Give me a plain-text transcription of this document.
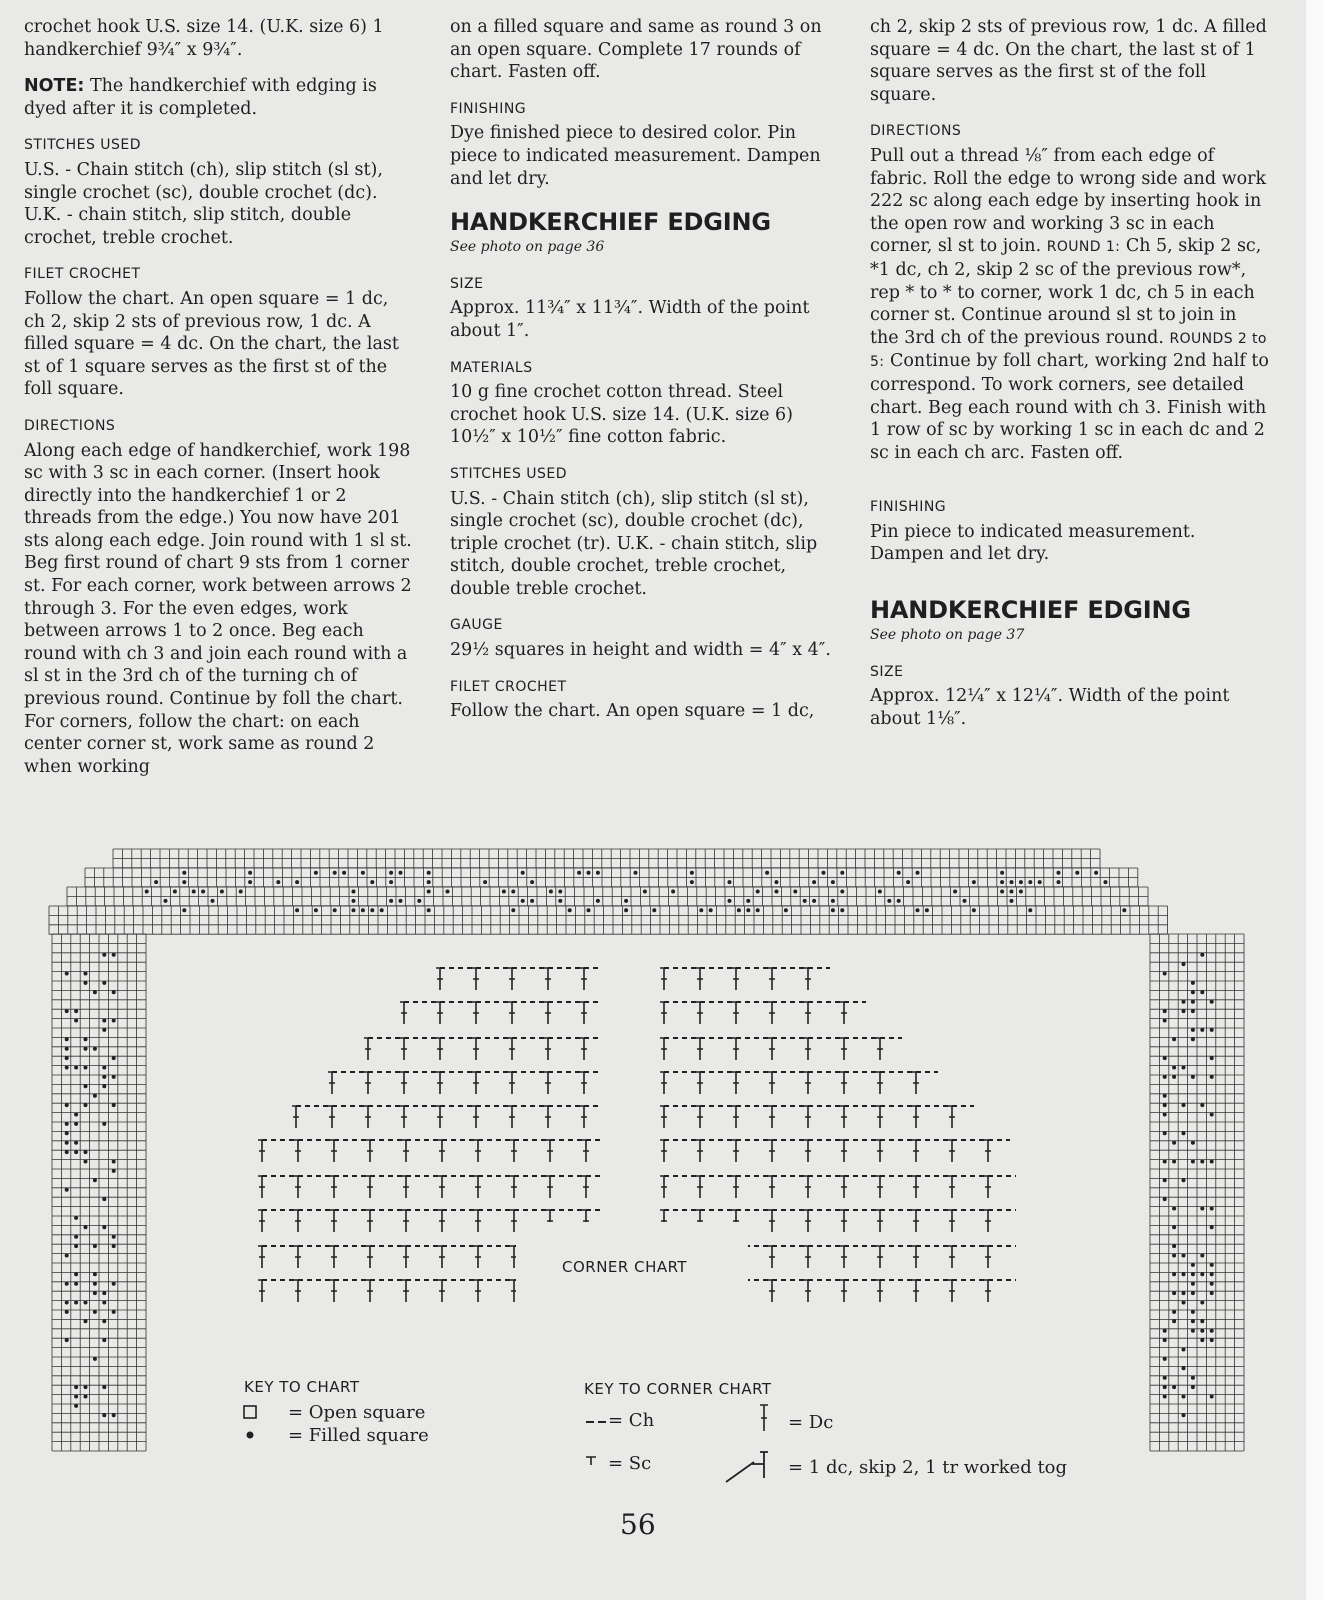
crochet hook U.S. size 14. (U.K. size 6) 1 handkerchief 9¾″ x 9¾″.

NOTE: The handkerchief with edging is dyed after it is completed.

STITCHES USED

U.S. - Chain stitch (ch), slip stitch (sl st), single crochet (sc), double crochet (dc). U.K. - chain stitch, slip stitch, double crochet, treble crochet.

FILET CROCHET

Follow the chart. An open square = 1 dc, ch 2, skip 2 sts of previous row, 1 dc. A filled square = 4 dc. On the chart, the last st of 1 square serves as the first st of the foll square.

DIRECTIONS

Along each edge of handkerchief, work 198 sc with 3 sc in each corner. (Insert hook directly into the handkerchief 1 or 2 threads from the edge.) You now have 201 sts along each edge. Join round with 1 sl st. Beg first round of chart 9 sts from 1 corner st. For each corner, work between arrows 2 through 3. For the even edges, work between arrows 1 to 2 once. Beg each round with ch 3 and join each round with a sl st in the 3rd ch of the turning ch of previous round. Continue by foll the chart. For corners, follow the chart: on each center corner st, work same as round 2 when working

on a filled square and same as round 3 on an open square. Complete 17 rounds of chart. Fasten off.

FINISHING

Dye finished piece to desired color. Pin piece to indicated measurement. Dampen and let dry.

HANDKERCHIEF EDGING
See photo on page 36
SIZE

Approx. 11¾″ x 11¾″. Width of the point about 1″.

MATERIALS

10 g fine crochet cotton thread. Steel crochet hook U.S. size 14. (U.K. size 6) 10½″ x 10½″ fine cotton fabric.

STITCHES USED

U.S. - Chain stitch (ch), slip stitch (sl st), single crochet (sc), double crochet (dc), triple crochet (tr). U.K. - chain stitch, slip stitch, double crochet, treble crochet, double treble crochet.

GAUGE

29½ squares in height and width = 4″ x 4″.

FILET CROCHET

Follow the chart. An open square = 1 dc,

ch 2, skip 2 sts of previous row, 1 dc. A filled square = 4 dc. On the chart, the last st of 1 square serves as the first st of the foll square.

DIRECTIONS

Pull out a thread ⅛″ from each edge of fabric. Roll the edge to wrong side and work 222 sc along each edge by inserting hook in the open row and working 3 sc in each corner, sl st to join. ROUND 1: Ch 5, skip 2 sc, *1 dc, ch 2, skip 2 sc of the previous row*, rep * to * to corner, work 1 dc, ch 5 in each corner st. Continue around sl st to join in the 3rd ch of the previous round. ROUNDS 2 to 5: Continue by foll chart, working 2nd half to correspond. To work corners, see detailed chart. Beg each round with ch 3. Finish with 1 row of sc by working 1 sc in each dc and 2 sc in each ch arc. Fasten off.

FINISHING

Pin piece to indicated measurement. Dampen and let dry.

HANDKERCHIEF EDGING
See photo on page 37
SIZE

Approx. 12¼″ x 12¼″. Width of the point about 1⅛″.

CORNER CHART
KEY TO CHART
= Open square
= Filled square
KEY TO CORNER CHART
= Ch	= Dc
= Sc	= 1 dc, skip 2, 1 tr worked tog
56
